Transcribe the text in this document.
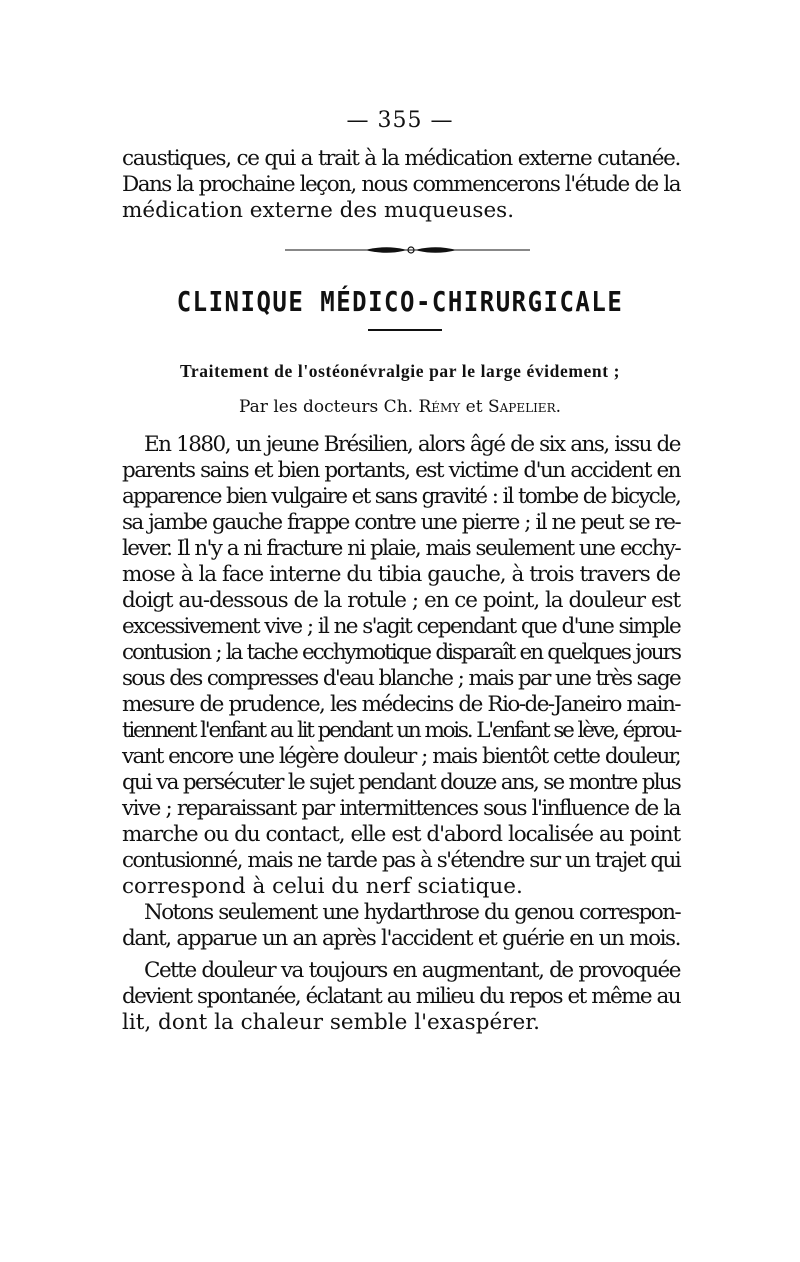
— 355 —
caustiques, ce qui a trait à la médication externe cutanée.
Dans la prochaine leçon, nous commencerons l'étude de la
médication externe des muqueuses.
CLINIQUE MÉDICO-CHIRURGICALE
Traitement de l'ostéonévralgie par le large évidement ;
Par les docteurs Ch. Rémy et Sapelier.
En 1880, un jeune Brésilien, alors âgé de six ans, issu de
parents sains et bien portants, est victime d'un accident en
apparence bien vulgaire et sans gravité : il tombe de bicycle,
sa jambe gauche frappe contre une pierre ; il ne peut se re-
lever. Il n'y a ni fracture ni plaie, mais seulement une ecchy-
mose à la face interne du tibia gauche, à trois travers de
doigt au-dessous de la rotule ; en ce point, la douleur est
excessivement vive ; il ne s'agit cependant que d'une simple
contusion ; la tache ecchymotique disparaît en quelques jours
sous des compresses d'eau blanche ; mais par une très sage
mesure de prudence, les médecins de Rio-de-Janeiro main-
tiennent l'enfant au lit pendant un mois. L'enfant se lève, éprou-
vant encore une légère douleur ; mais bientôt cette douleur,
qui va persécuter le sujet pendant douze ans, se montre plus
vive ; reparaissant par intermittences sous l'influence de la
marche ou du contact, elle est d'abord localisée au point
contusionné, mais ne tarde pas à s'étendre sur un trajet qui
correspond à celui du nerf sciatique.
Notons seulement une hydarthrose du genou correspon-
dant, apparue un an après l'accident et guérie en un mois.
Cette douleur va toujours en augmentant, de provoquée
devient spontanée, éclatant au milieu du repos et même au
lit, dont la chaleur semble l'exaspérer.
